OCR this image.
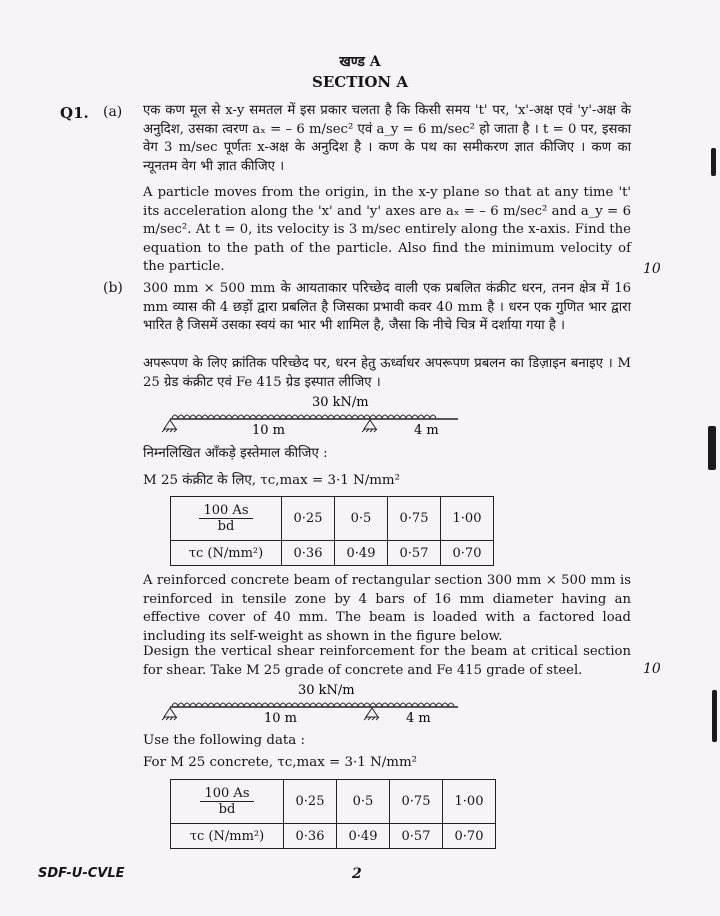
खण्ड A
SECTION A
Q1. (a) एक कण मूल से x-y समतल में इस प्रकार चलता है कि किसी समय 't' पर, 'x'-अक्ष एवं 'y'-अक्ष के अनुदिश, उसका त्वरण aₓ = – 6 m/sec² एवं a_y = 6 m/sec² हो जाता है । t = 0 पर, इसका वेग 3 m/sec पूर्णतः x-अक्ष के अनुदिश है । कण के पथ का समीकरण ज्ञात कीजिए । कण का न्यूनतम वेग भी ज्ञात कीजिए ।
A particle moves from the origin, in the x-y plane so that at any time 't' its acceleration along the 'x' and 'y' axes are aₓ = – 6 m/sec² and a_y = 6 m/sec². At t = 0, its velocity is 3 m/sec entirely along the x-axis. Find the equation to the path of the particle. Also find the minimum velocity of the particle.	10
(b) 300 mm × 500 mm के आयताकार परिच्छेद वाली एक प्रबलित कंक्रीट धरन, तनन क्षेत्र में 16 mm व्यास की 4 छड़ों द्वारा प्रबलित है जिसका प्रभावी कवर 40 mm है । धरन एक गुणित भार द्वारा भारित है जिसमें उसका स्वयं का भार भी शामिल है, जैसा कि नीचे चित्र में दर्शाया गया है ।
अपरूपण के लिए क्रांतिक परिच्छेद पर, धरन हेतु ऊर्ध्वाधर अपरूपण प्रबलन का डिज़ाइन बनाइए । M 25 ग्रेड कंक्रीट एवं Fe 415 ग्रेड इस्पात लीजिए ।
30 kN/m
10 m	4 m
निम्नलिखित आँकड़े इस्तेमाल कीजिए :
M 25 कंक्रीट के लिए, τc,max = 3·1 N/mm²
$\frac{100 As}{bd}$	0·25	0·5	0·75	1·00
τc (N/mm²)	0·36	0·49	0·57	0·70
A reinforced concrete beam of rectangular section 300 mm × 500 mm is reinforced in tensile zone by 4 bars of 16 mm diameter having an effective cover of 40 mm. The beam is loaded with a factored load including its self-weight as shown in the figure below.
Design the vertical shear reinforcement for the beam at critical section for shear. Take M 25 grade of concrete and Fe 415 grade of steel.	10
30 kN/m
10 m	4 m
Use the following data :
For M 25 concrete, τc,max = 3·1 N/mm²
$\frac{100 As}{bd}$	0·25	0·5	0·75	1·00
τc (N/mm²)	0·36	0·49	0·57	0·70
SDF-U-CVLE	2
